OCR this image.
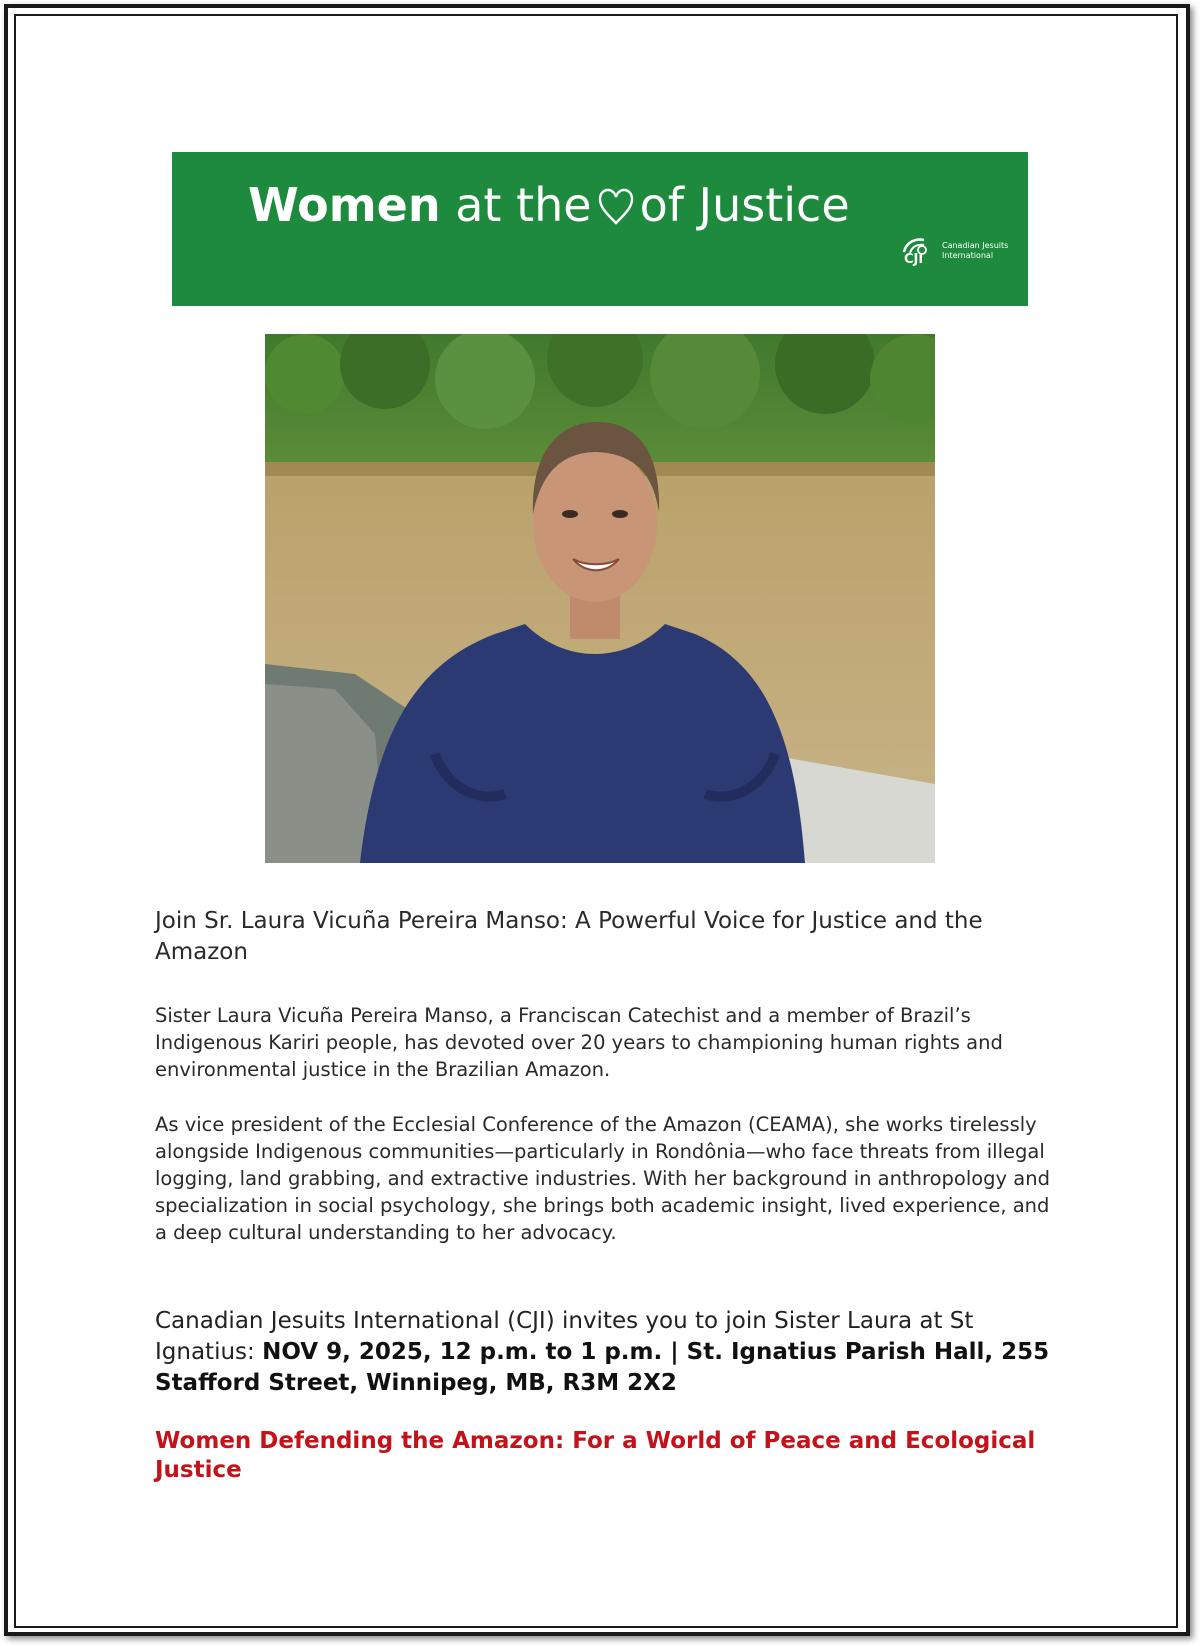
Women at the of Justice
CJI
Canadian Jesuits International
Join Sr. Laura Vicuña Pereira Manso: A Powerful Voice for Justice and the Amazon
Sister Laura Vicuña Pereira Manso, a Franciscan Catechist and a member of Brazil’s Indigenous Kariri people, has devoted over 20 years to championing human rights and environmental justice in the Brazilian Amazon.
As vice president of the Ecclesial Conference of the Amazon (CEAMA), she works tirelessly alongside Indigenous communities—particularly in Rondônia—who face threats from illegal logging, land grabbing, and extractive industries. With her background in anthropology and specialization in social psychology, she brings both academic insight, lived experience, and a deep cultural understanding to her advocacy.
Canadian Jesuits International (CJI) invites you to join Sister Laura at St Ignatius: NOV 9, 2025, 12 p.m. to 1 p.m. | St. Ignatius Parish Hall, 255 Stafford Street, Winnipeg, MB, R3M 2X2
Women Defending the Amazon: For a World of Peace and Ecological Justice
